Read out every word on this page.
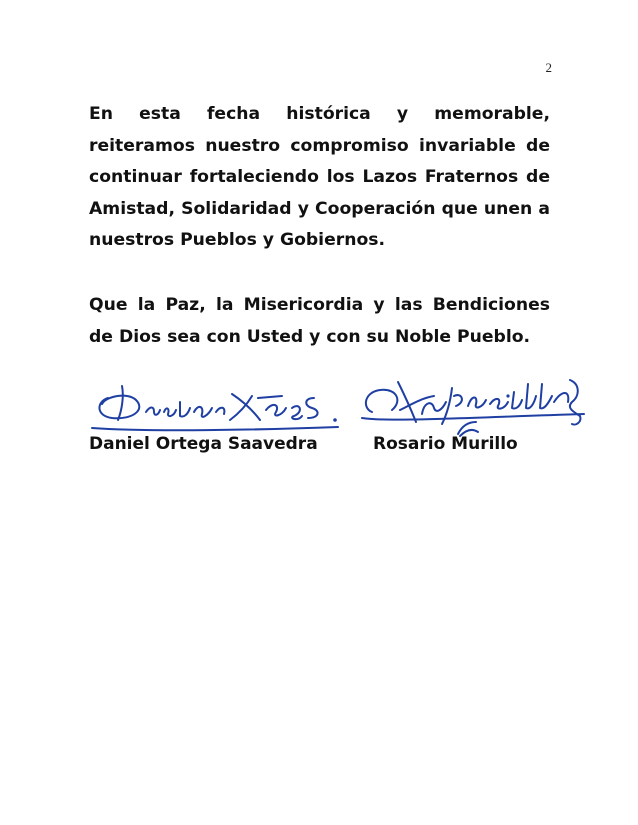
2

En esta fecha histórica y memorable, reiteramos nuestro compromiso invariable de continuar fortaleciendo los Lazos Fraternos de Amistad, Solidaridad y Cooperación que unen a nuestros Pueblos y Gobiernos.

Que la Paz, la Misericordia y las Bendiciones de Dios sea con Usted y con su Noble Pueblo.

Daniel Ortega Saavedra	Rosario Murillo
